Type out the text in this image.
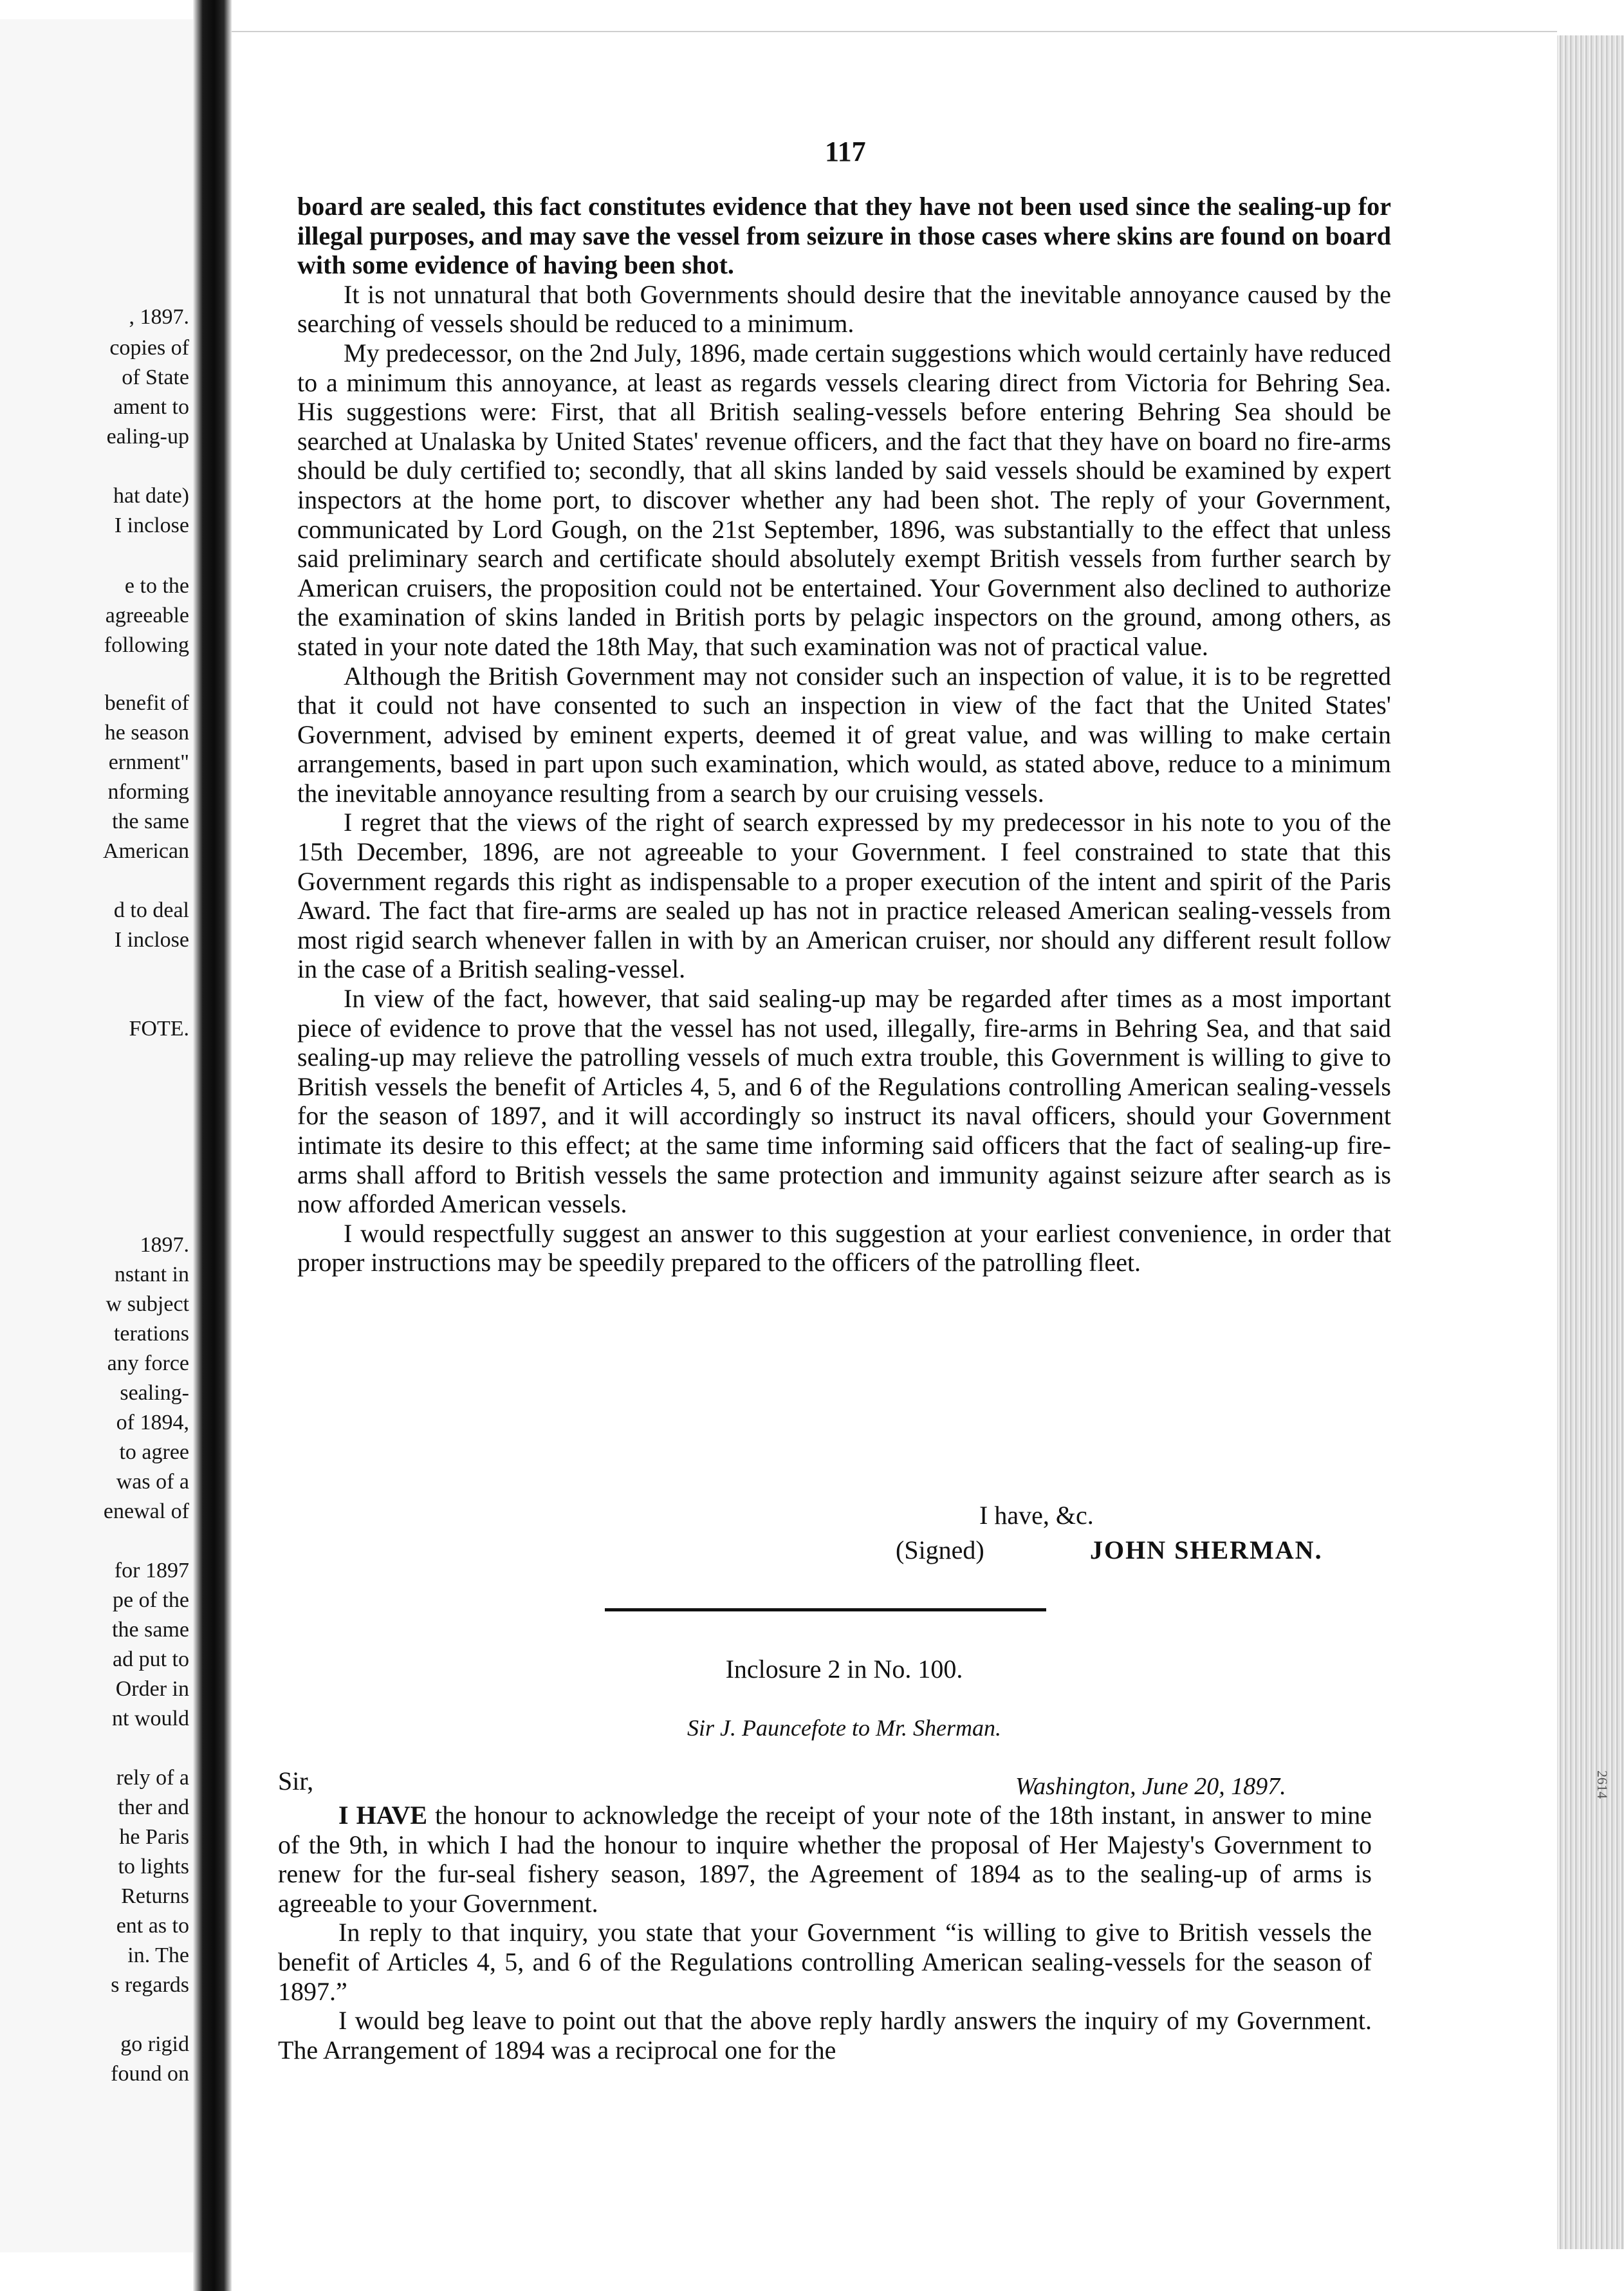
, 1897.
copies of
of State
ament to
ealing-up
hat date)
I inclose
e to the
agreeable
following
benefit of
he season
ernment"
nforming
the same
American
d to deal
I inclose
FOTE.
1897.
nstant in
w subject
terations
any force
sealing-
of 1894,
to agree
was of a
enewal of
for 1897
pe of the
the same
ad put to
Order in
nt would
rely of a
ther and
he Paris
to lights
Returns
ent as to
in. The
s regards
go rigid
found on
2614
117

board are sealed, this fact constitutes evidence that they have not been used since the sealing-up for illegal purposes, and may save the vessel from seizure in those cases where skins are found on board with some evidence of having been shot.

It is not unnatural that both Governments should desire that the inevitable annoyance caused by the searching of vessels should be reduced to a minimum.

My predecessor, on the 2nd July, 1896, made certain suggestions which would certainly have reduced to a minimum this annoyance, at least as regards vessels clearing direct from Victoria for Behring Sea. His suggestions were: First, that all British sealing-vessels before entering Behring Sea should be searched at Unalaska by United States' revenue officers, and the fact that they have on board no fire-arms should be duly certified to; secondly, that all skins landed by said vessels should be examined by expert inspectors at the home port, to discover whether any had been shot. The reply of your Government, communicated by Lord Gough, on the 21st September, 1896, was substantially to the effect that unless said preliminary search and certificate should absolutely exempt British vessels from further search by American cruisers, the proposition could not be entertained. Your Government also declined to authorize the examination of skins landed in British ports by pelagic inspectors on the ground, among others, as stated in your note dated the 18th May, that such examination was not of practical value.

Although the British Government may not consider such an inspection of value, it is to be regretted that it could not have consented to such an inspection in view of the fact that the United States' Government, advised by eminent experts, deemed it of great value, and was willing to make certain arrangements, based in part upon such examination, which would, as stated above, reduce to a minimum the inevitable annoyance resulting from a search by our cruising vessels.

I regret that the views of the right of search expressed by my predecessor in his note to you of the 15th December, 1896, are not agreeable to your Government. I feel constrained to state that this Government regards this right as indispensable to a proper execution of the intent and spirit of the Paris Award. The fact that fire-arms are sealed up has not in practice released American sealing-vessels from most rigid search whenever fallen in with by an American cruiser, nor should any different result follow in the case of a British sealing-vessel.

In view of the fact, however, that said sealing-up may be regarded after times as a most important piece of evidence to prove that the vessel has not used, illegally, fire-arms in Behring Sea, and that said sealing-up may relieve the patrolling vessels of much extra trouble, this Government is willing to give to British vessels the benefit of Articles 4, 5, and 6 of the Regulations controlling American sealing-vessels for the season of 1897, and it will accordingly so instruct its naval officers, should your Government intimate its desire to this effect; at the same time informing said officers that the fact of sealing-up fire-arms shall afford to British vessels the same protection and immunity against seizure after search as is now afforded American vessels.

I would respectfully suggest an answer to this suggestion at your earliest convenience, in order that proper instructions may be speedily prepared to the officers of the patrolling fleet.

I have, &c.
(Signed)	JOHN SHERMAN.
Inclosure 2 in No. 100.
Sir J. Pauncefote to Mr. Sherman.
Sir,	Washington, June 20, 1897.

I HAVE the honour to acknowledge the receipt of your note of the 18th instant, in answer to mine of the 9th, in which I had the honour to inquire whether the proposal of Her Majesty's Government to renew for the fur-seal fishery season, 1897, the Agreement of 1894 as to the sealing-up of arms is agreeable to your Government.

In reply to that inquiry, you state that your Government “is willing to give to British vessels the benefit of Articles 4, 5, and 6 of the Regulations controlling American sealing-vessels for the season of 1897.”

I would beg leave to point out that the above reply hardly answers the inquiry of my Government. The Arrangement of 1894 was a reciprocal one for the
